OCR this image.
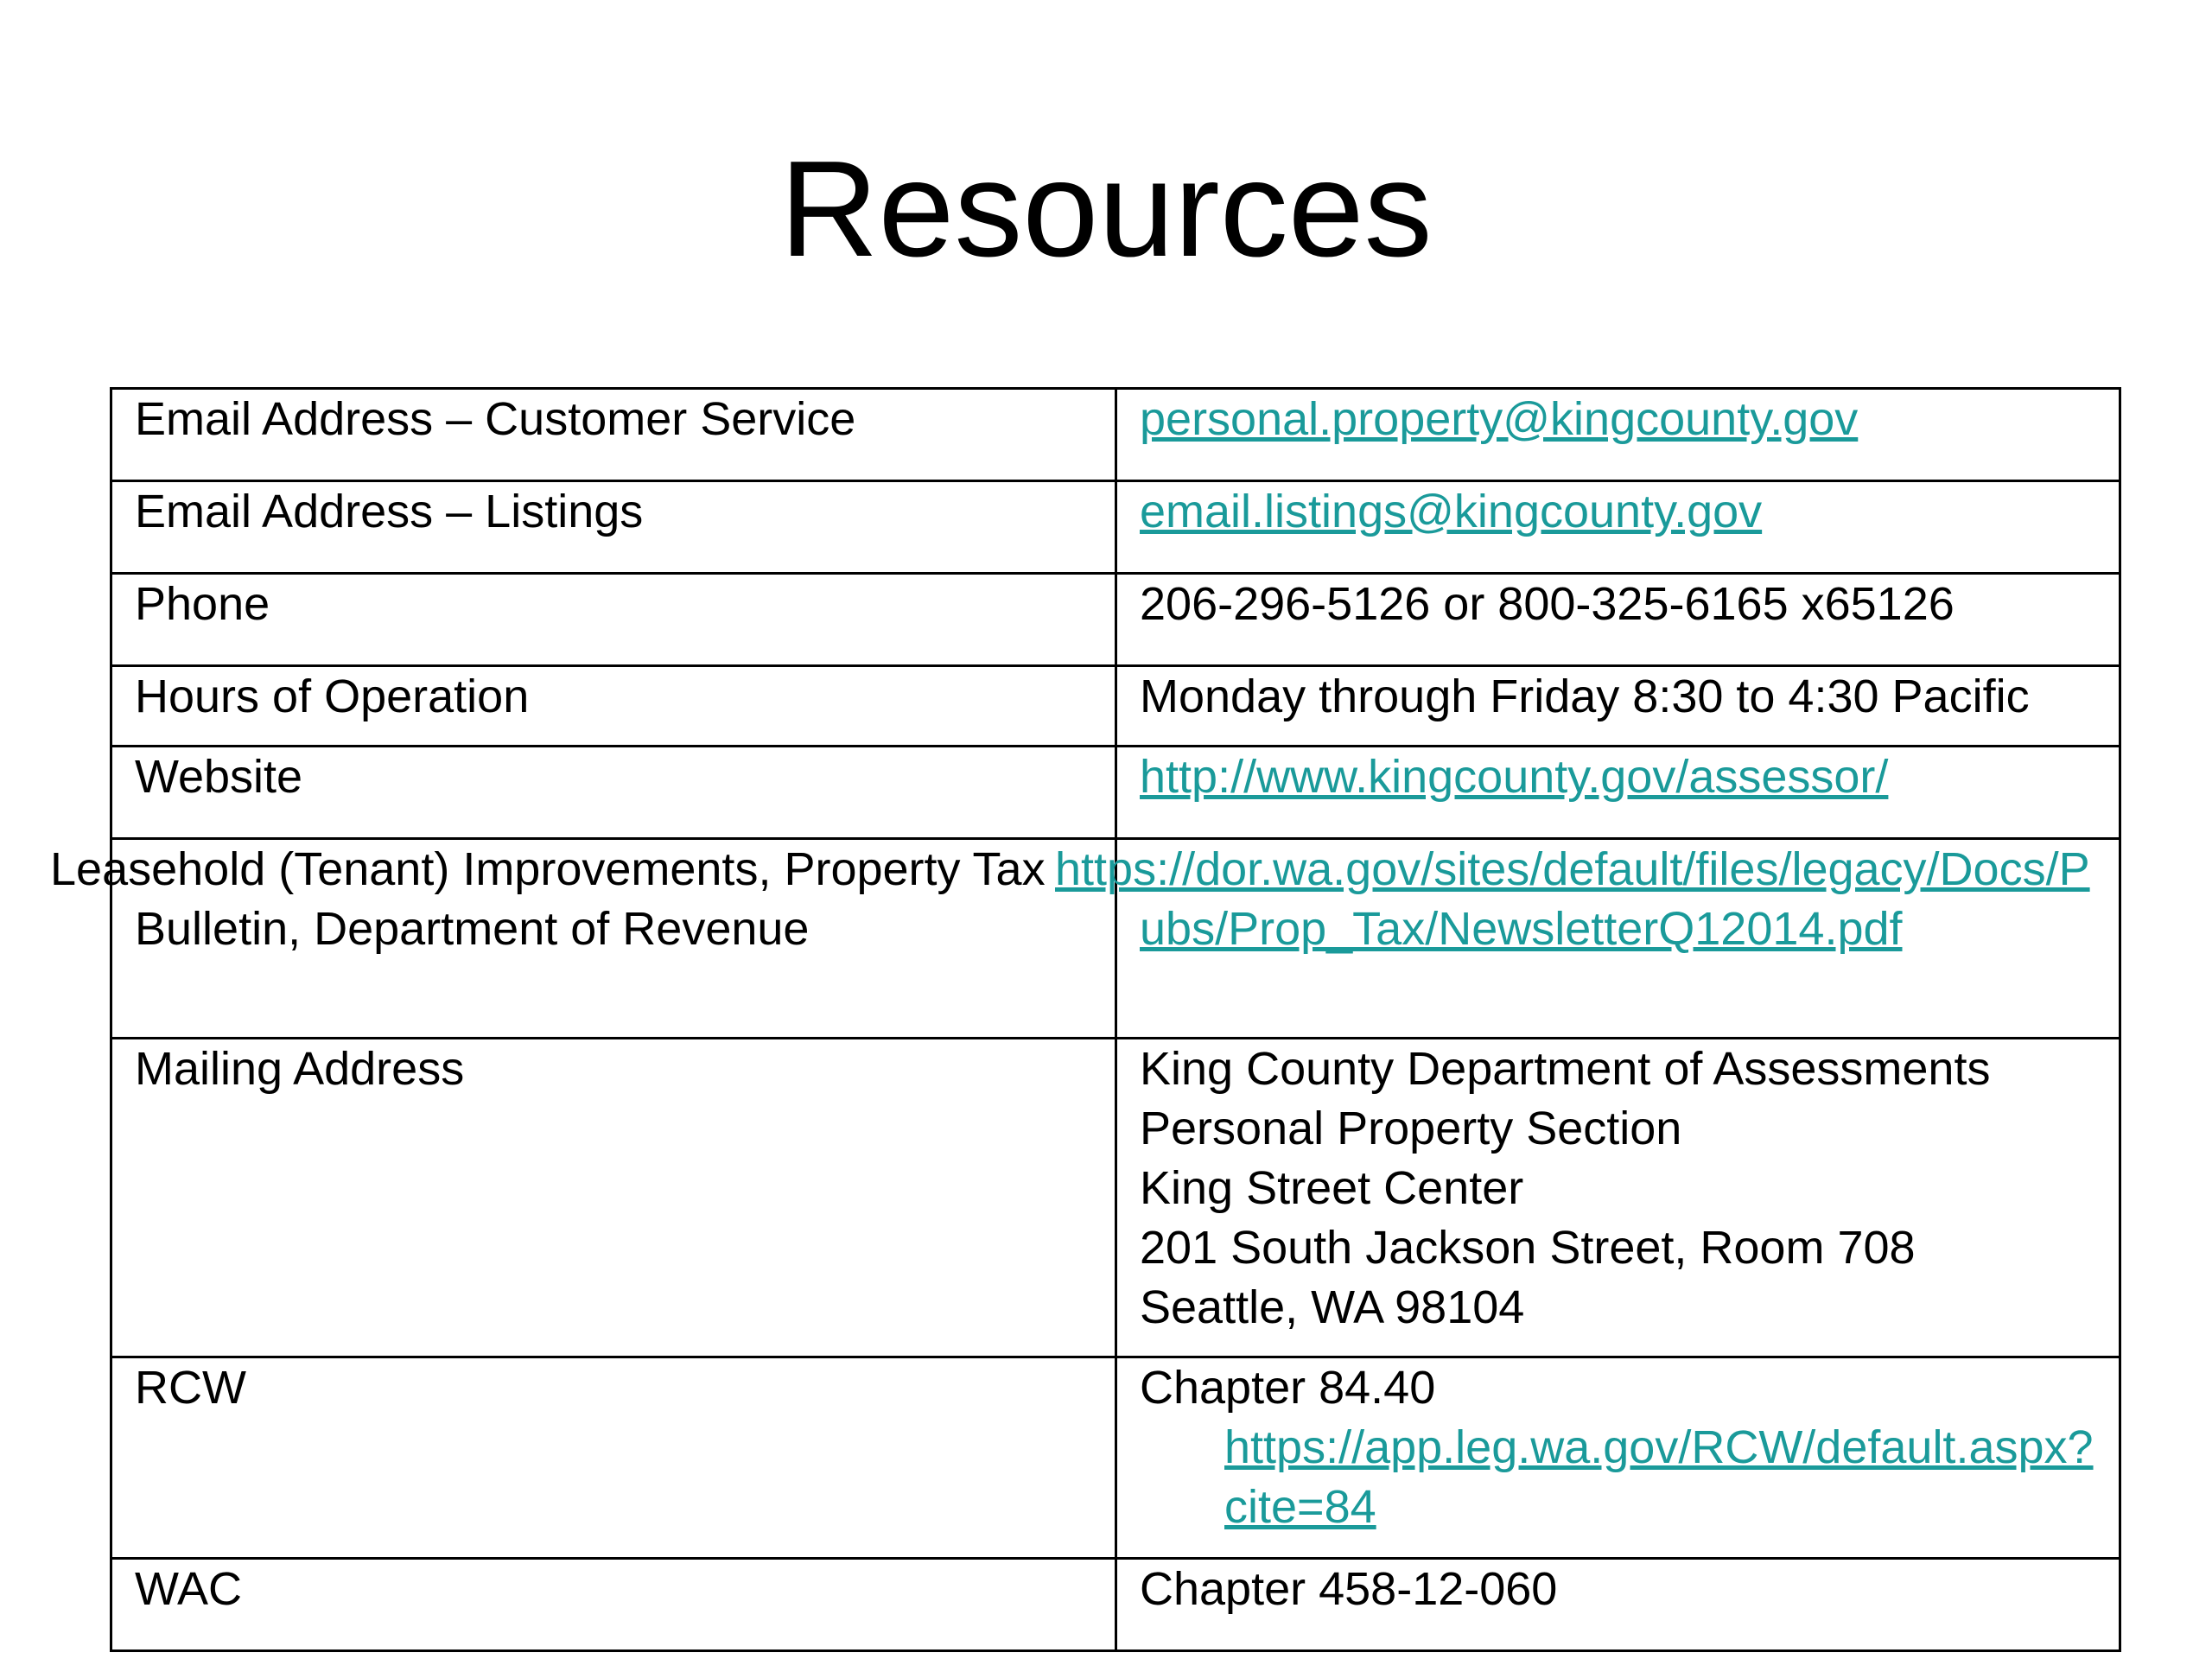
Resources
Email Address – Customer Service	personal.property@kingcounty.gov
Email Address – Listings	email.listings@kingcounty.gov
Phone	206-296-5126 or 800-325-6165 x65126
Hours of Operation	Monday through Friday 8:30 to 4:30 Pacific
Website	http://www.kingcounty.gov/assessor/
Leasehold (Tenant) Improvements, Property Tax Bulletin, Department of Revenue	https://dor.wa.gov/sites/default/files/legacy/Docs/Pubs/Prop_Tax/NewsletterQ12014.pdf
Mailing Address	King County Department of Assessments
Personal Property Section
King Street Center
201 South Jackson Street, Room 708
Seattle, WA 98104

RCW	Chapter 84.40
https://app.leg.wa.gov/RCW/default.aspx?cite=84

WAC	Chapter 458-12-060
